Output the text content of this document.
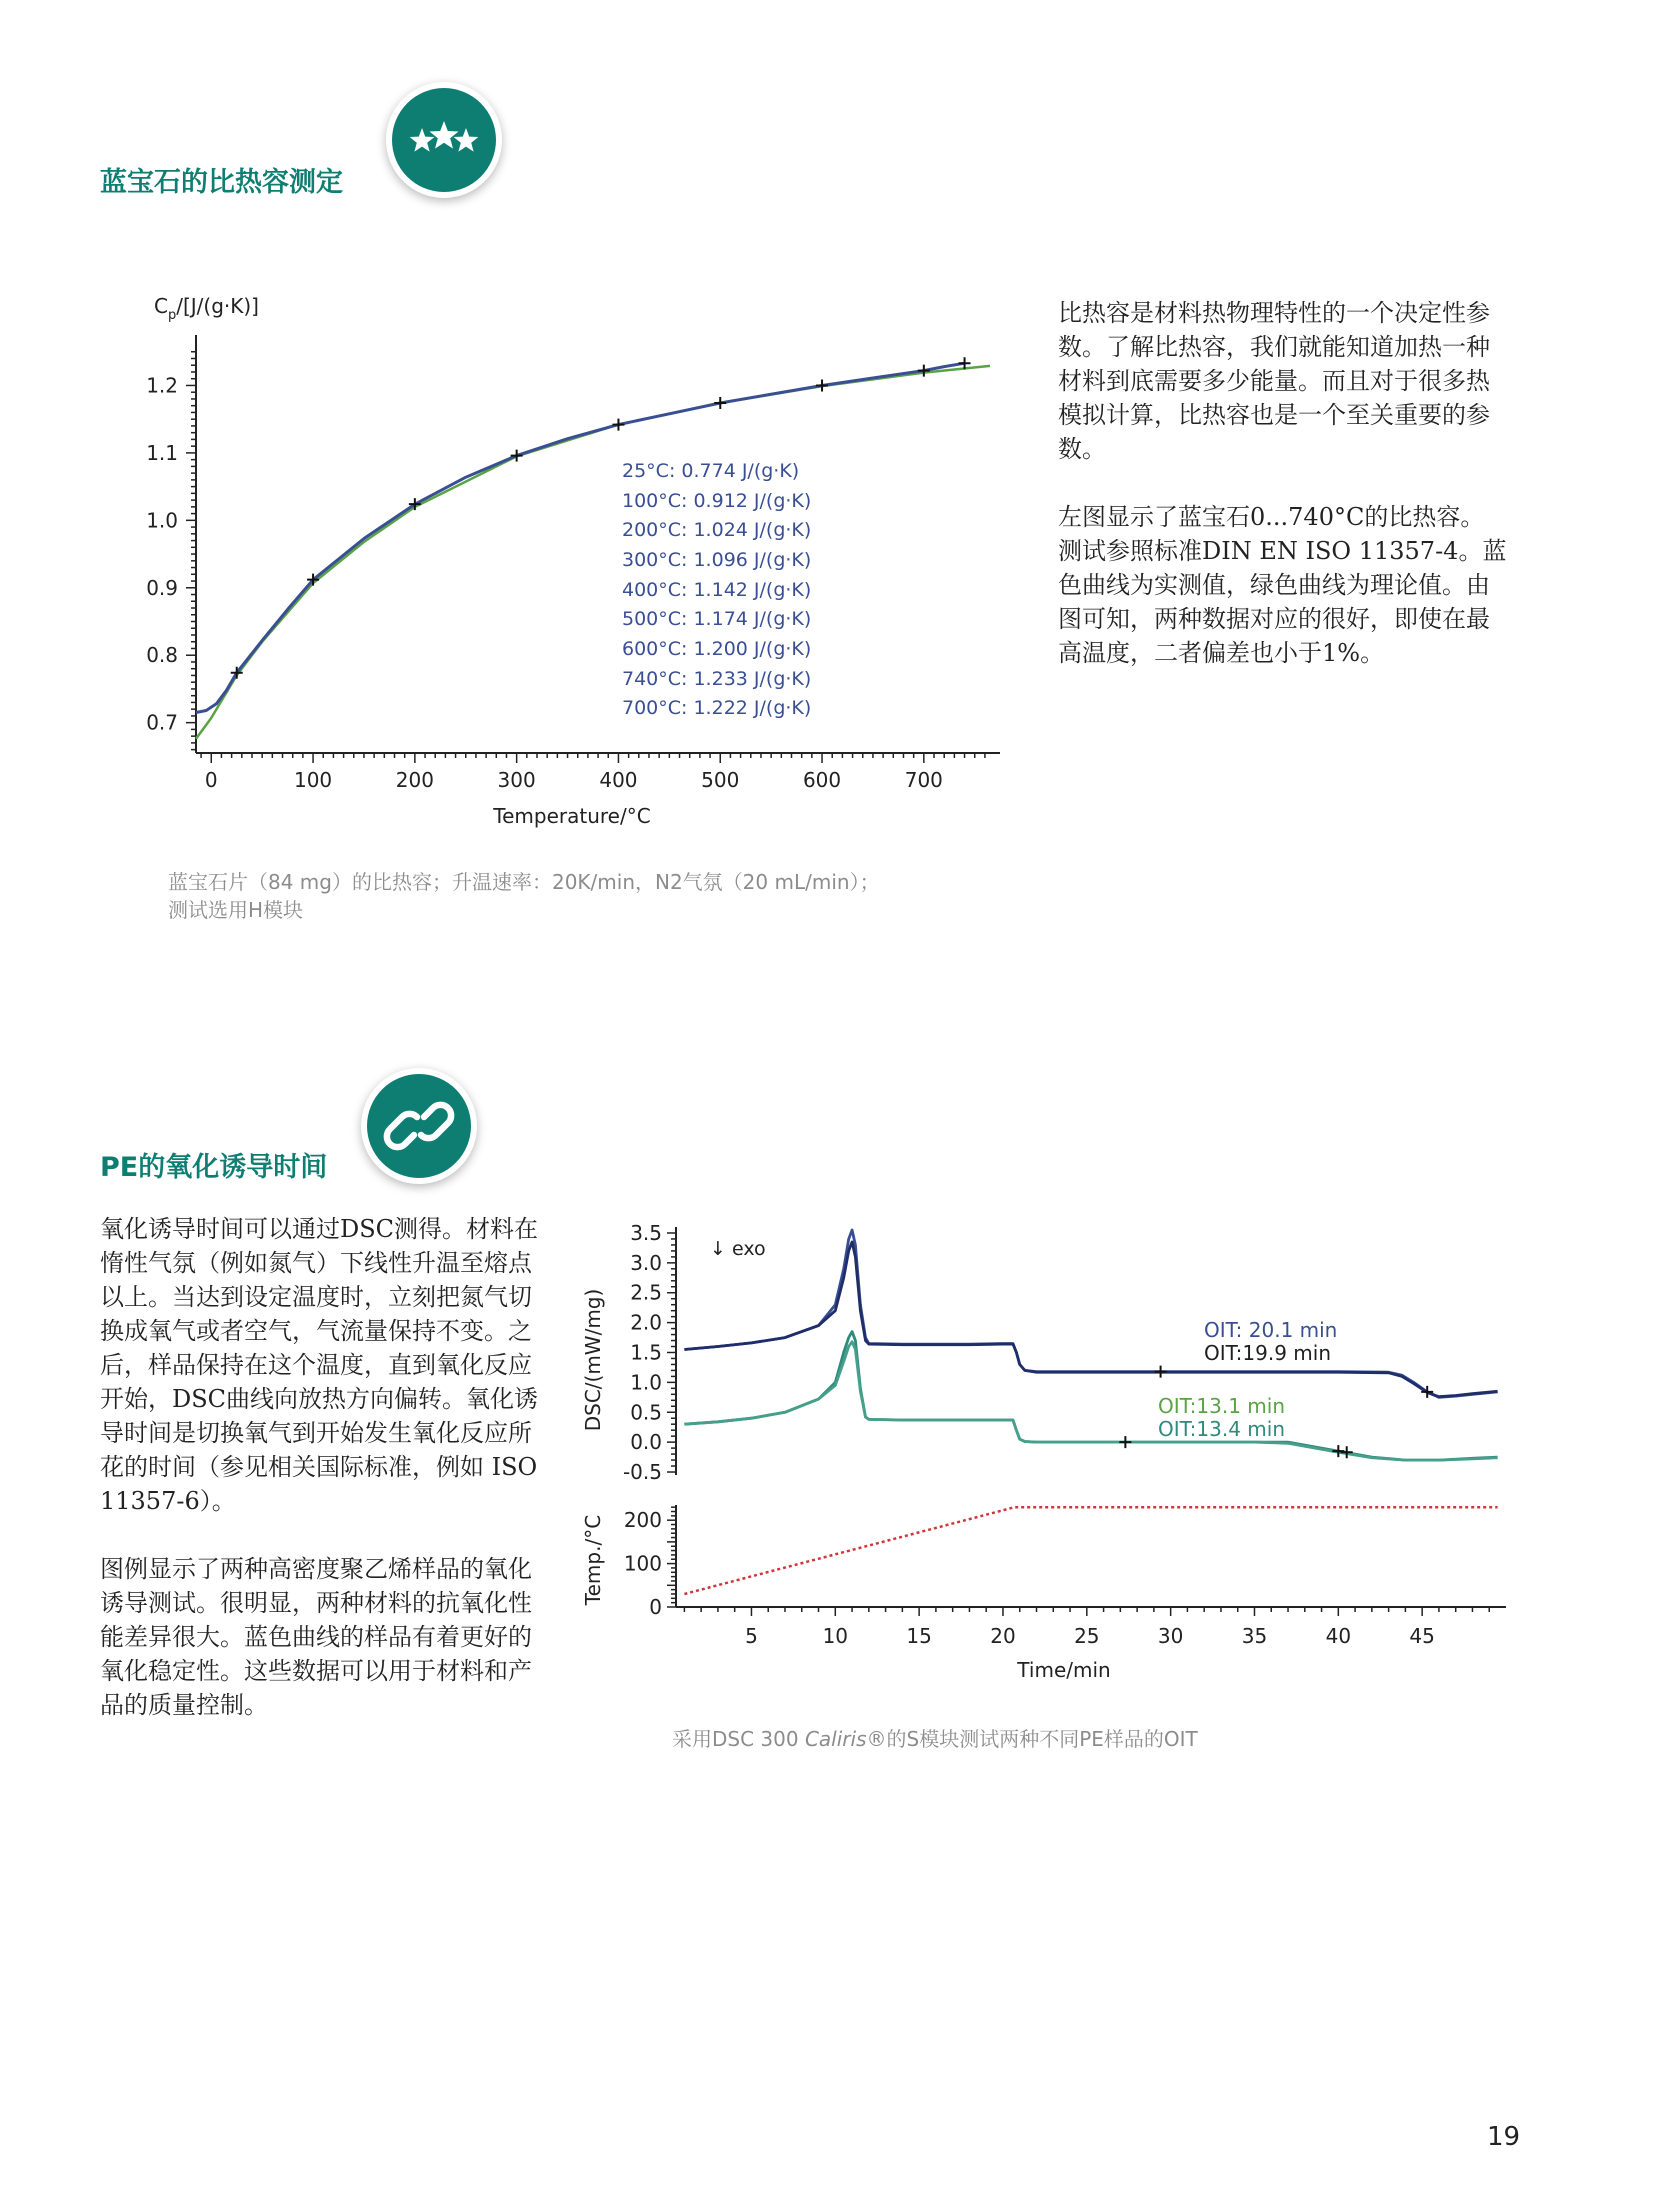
蓝宝石的比热容测定
0	100	200	300	400	500	600	700
0.7
0.8
0.9
1.0
1.1
1.2
$C_p/[J/(g\cdot K)]$
Temperature/°C
25°C: 0.774 J/(g·K)
100°C: 0.912 J/(g·K)
200°C: 1.024 J/(g·K)
300°C: 1.096 J/(g·K)
400°C: 1.142 J/(g·K)
500°C: 1.174 J/(g·K)
600°C: 1.200 J/(g·K)
740°C: 1.233 J/(g·K)
700°C: 1.222 J/(g·K)

比热容是材料热物理特性的一个决定性参数。了解比热容，我们就能知道加热一种材料到底需要多少能量。而且对于很多热模拟计算，比热容也是一个至关重要的参数。

左图显示了蓝宝石0...740°C的比热容。测试参照标准DIN EN ISO 11357-4。蓝色曲线为实测值，绿色曲线为理论值。由图可知，两种数据对应的很好，即使在最高温度，二者偏差也小于1%。

蓝宝石片（84 mg）的比热容；升温速率：20K/min，N2气氛（20 mL/min）；
测试选用H模块
PE的氧化诱导时间

氧化诱导时间可以通过DSC测得。材料在惰性气氛（例如氮气）下线性升温至熔点以上。当达到设定温度时，立刻把氮气切换成氧气或者空气，气流量保持不变。之后，样品保持在这个温度，直到氧化反应开始，DSC曲线向放热方向偏转。氧化诱导时间是切换氧气到开始发生氧化反应所花的时间（参见相关国际标准，例如 ISO 11357-6）。

图例显示了两种高密度聚乙烯样品的氧化诱导测试。很明显，两种材料的抗氧化性能差异很大。蓝色曲线的样品有着更好的氧化稳定性。这些数据可以用于材料和产品的质量控制。

-0.5
0.0
0.5
1.0
1.5
2.0
2.5
3.0
3.5
0
100
200
5	10	15	20	25	30	35	40	45
↓ exo
OIT: 20.1 min
OIT:19.9 min
OIT:13.1 min
OIT:13.4 min
DSC/(mW/mg)
Temp./°C
Time/min
采用DSC 300 Caliris®的S模块测试两种不同PE样品的OIT
19
